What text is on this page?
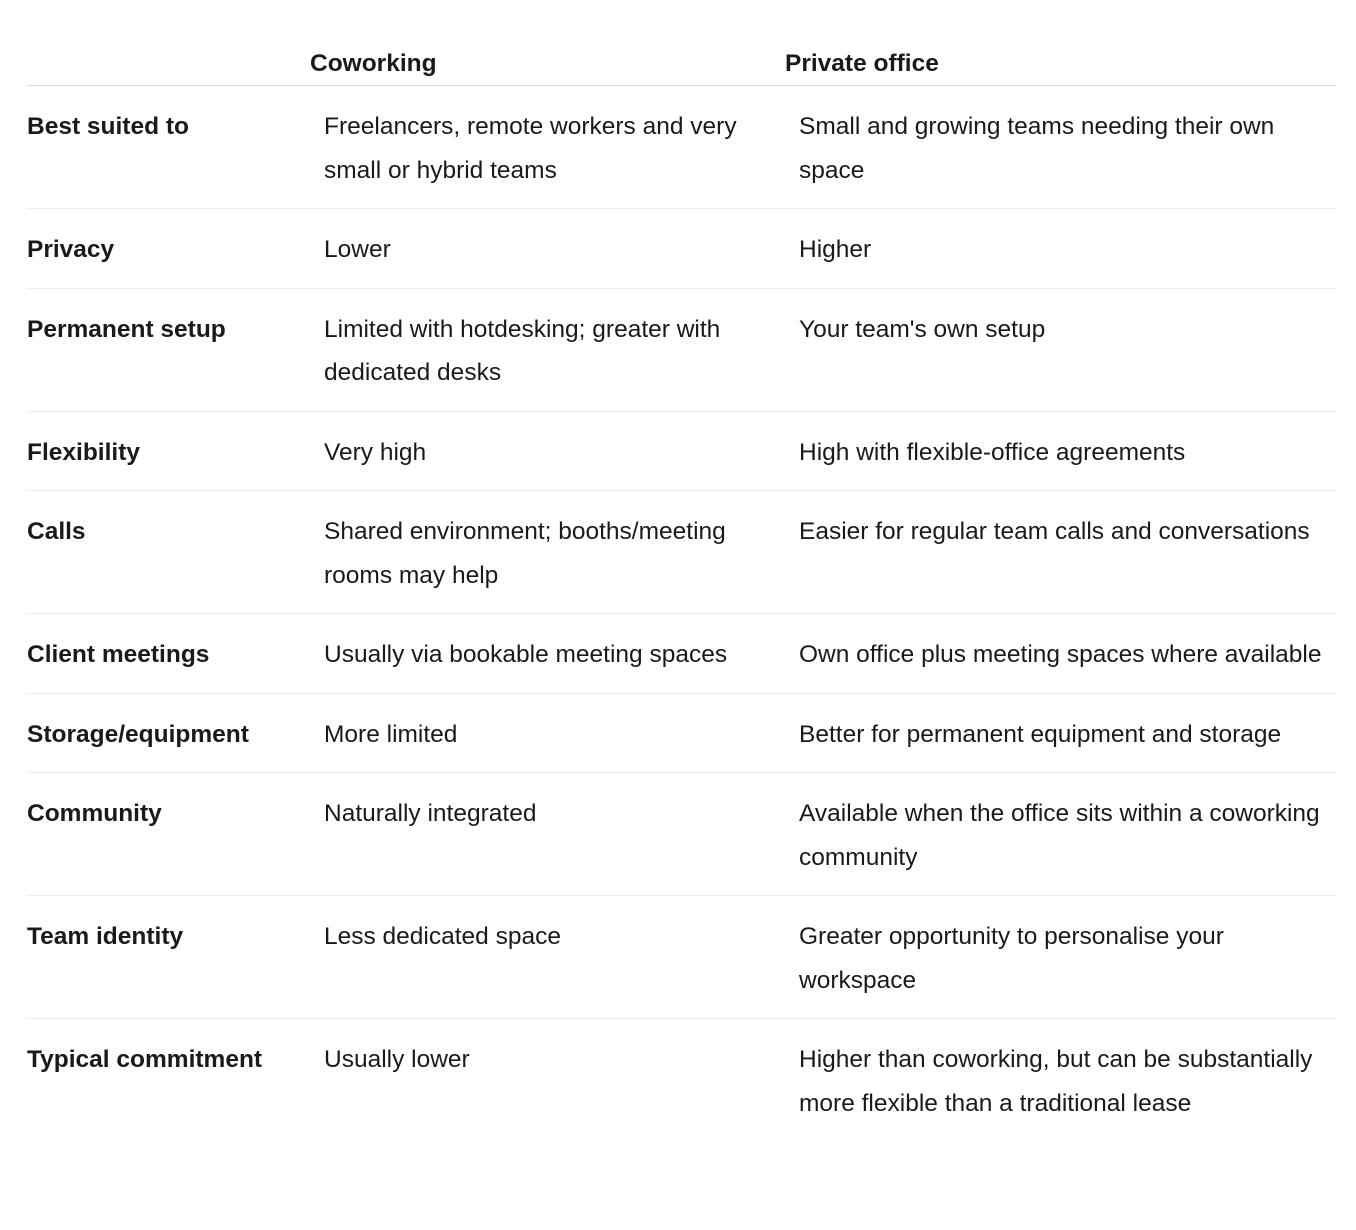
	Coworking	Private office
Best suited to	Freelancers, remote workers and very small or hybrid teams	Small and growing teams needing their own space
Privacy	Lower	Higher
Permanent setup	Limited with hotdesking; greater with dedicated desks	Your team's own setup
Flexibility	Very high	High with flexible-office agreements
Calls	Shared environment; booths/meeting rooms may help	Easier for regular team calls and conversations
Client meetings	Usually via bookable meeting spaces	Own office plus meeting spaces where available
Storage/equipment	More limited	Better for permanent equipment and storage
Community	Naturally integrated	Available when the office sits within a coworking community
Team identity	Less dedicated space	Greater opportunity to personalise your workspace
Typical commitment	Usually lower	Higher than coworking, but can be substantially more flexible than a traditional lease
